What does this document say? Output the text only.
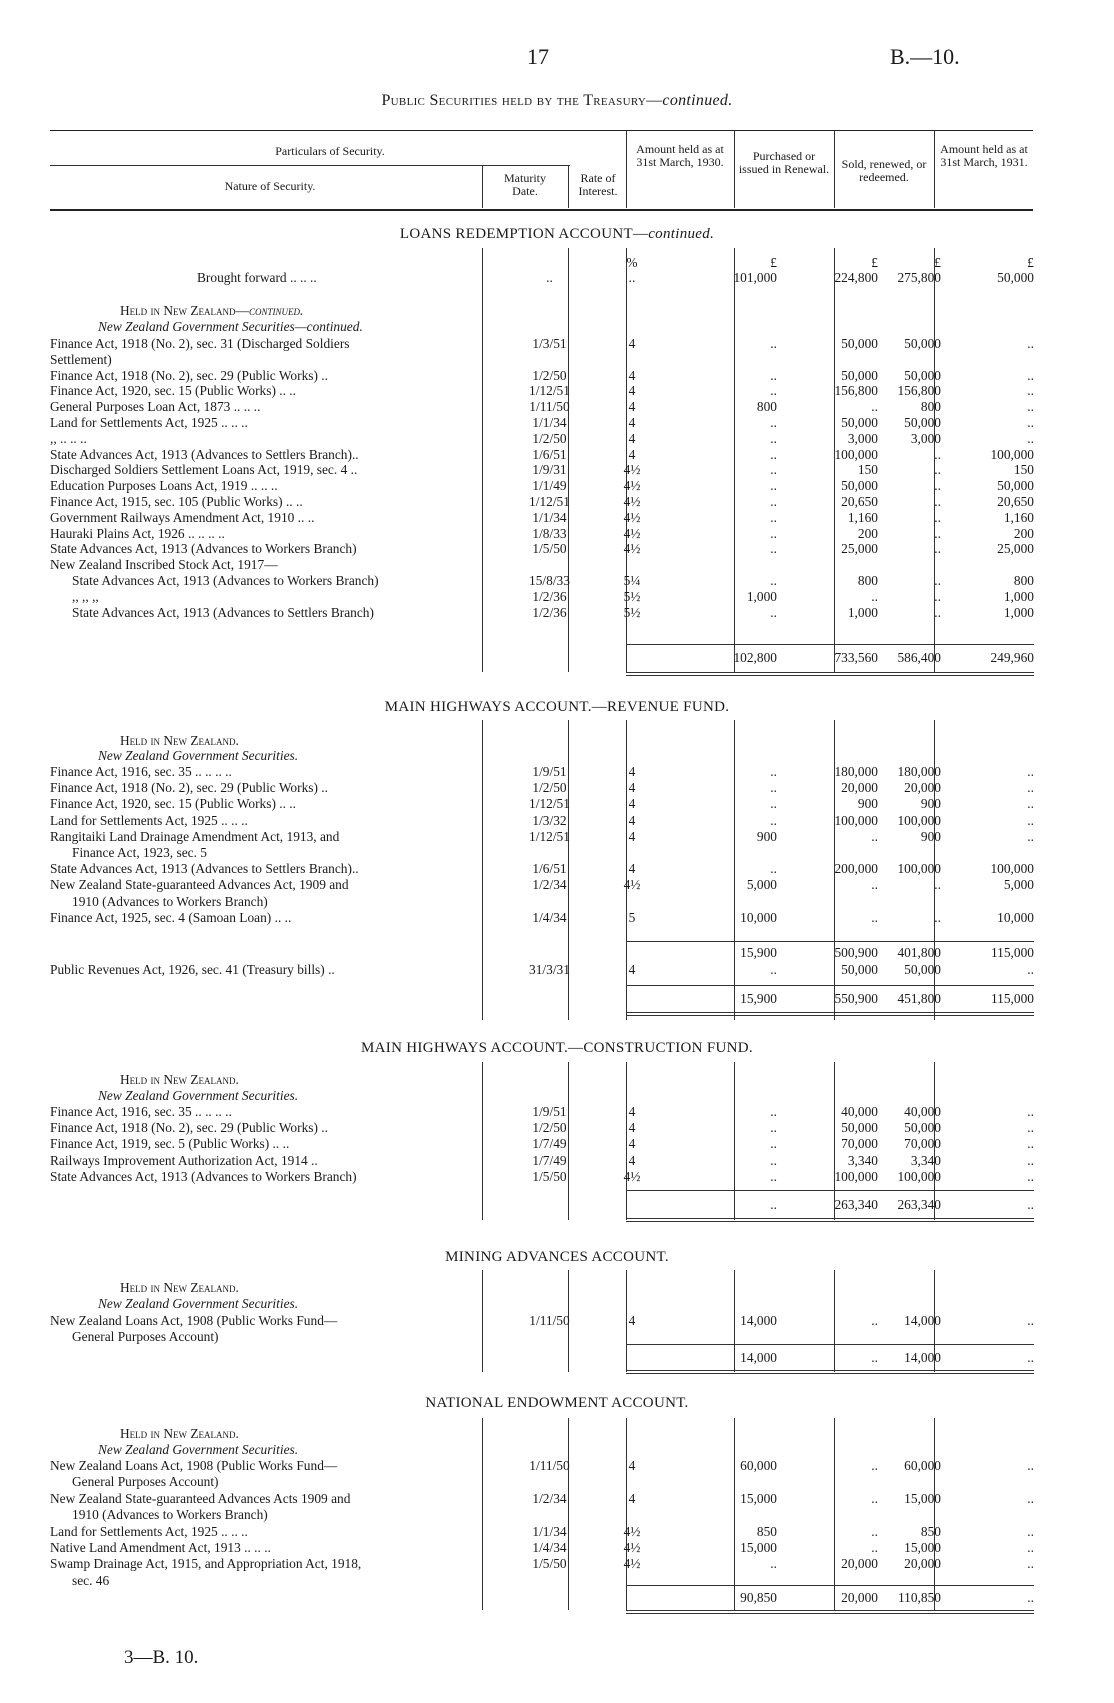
17	B.—10.
Public Securities held by the Treasury—continued.
Particulars of Security.
Nature of Security.
Maturity Date.
Rate of Interest.
Amount held as at 31st March, 1930.	Purchased or issued in Renewal.	Sold, renewed, or redeemed.
Amount held as at 31st March, 1931.
LOANS REDEMPTION ACCOUNT—continued.
%	£	£	£	£
Brought forward .. .. ..	..	..	101,000	224,800	275,800	50,000
Held in New Zealand—continued.
New Zealand Government Securities—continued.
Finance Act, 1918 (No. 2), sec. 31 (Discharged Soldiers	1/3/51	4	..	50,000	50,000	..
Settlement)
Finance Act, 1918 (No. 2), sec. 29 (Public Works) ..	1/2/50	4	..	50,000	50,000	..
Finance Act, 1920, sec. 15 (Public Works) .. ..	1/12/51	4	..	156,800	156,800	..
General Purposes Loan Act, 1873 .. .. ..	1/11/50	4	800	..	800	..
Land for Settlements Act, 1925 .. .. ..	1/1/34	4	..	50,000	50,000	..
,, .. .. ..	1/2/50	4	..	3,000	3,000	..
State Advances Act, 1913 (Advances to Settlers Branch)..	1/6/51	4	..	100,000	..	100,000
Discharged Soldiers Settlement Loans Act, 1919, sec. 4 ..	1/9/31	4½	..	150	..	150
Education Purposes Loans Act, 1919 .. .. ..	1/1/49	4½	..	50,000	..	50,000
Finance Act, 1915, sec. 105 (Public Works) .. ..	1/12/51	4½	..	20,650	..	20,650
Government Railways Amendment Act, 1910 .. ..	1/1/34	4½	..	1,160	..	1,160
Hauraki Plains Act, 1926 .. .. .. ..	1/8/33	4½	..	200	..	200
State Advances Act, 1913 (Advances to Workers Branch)	1/5/50	4½	..	25,000	..	25,000
New Zealand Inscribed Stock Act, 1917—
State Advances Act, 1913 (Advances to Workers Branch)	15/8/33	5¼	..	800	..	800
,, ,, ,,	1/2/36	5½	1,000	..	..	1,000
State Advances Act, 1913 (Advances to Settlers Branch)	1/2/36	5½	..	1,000	..	1,000
102,800	733,560	586,400	249,960
MAIN HIGHWAYS ACCOUNT.—REVENUE FUND.
Held in New Zealand.
New Zealand Government Securities.
Finance Act, 1916, sec. 35 .. .. .. ..	1/9/51	4	..	180,000	180,000	..
Finance Act, 1918 (No. 2), sec. 29 (Public Works) ..	1/2/50	4	..	20,000	20,000	..
Finance Act, 1920, sec. 15 (Public Works) .. ..	1/12/51	4	..	900	900	..
Land for Settlements Act, 1925 .. .. ..	1/3/32	4	..	100,000	100,000	..
Rangitaiki Land Drainage Amendment Act, 1913, and	1/12/51	4	900	..	900	..
Finance Act, 1923, sec. 5
State Advances Act, 1913 (Advances to Settlers Branch)..	1/6/51	4	..	200,000	100,000	100,000
New Zealand State-guaranteed Advances Act, 1909 and	1/2/34	4½	5,000	..	..	5,000
1910 (Advances to Workers Branch)
Finance Act, 1925, sec. 4 (Samoan Loan) .. ..	1/4/34	5	10,000	..	..	10,000
15,900	500,900	401,800	115,000
Public Revenues Act, 1926, sec. 41 (Treasury bills) ..	31/3/31	4	..	50,000	50,000	..
15,900	550,900	451,800	115,000
MAIN HIGHWAYS ACCOUNT.—CONSTRUCTION FUND.
Held in New Zealand.
New Zealand Government Securities.
Finance Act, 1916, sec. 35 .. .. .. ..	1/9/51	4	..	40,000	40,000	..
Finance Act, 1918 (No. 2), sec. 29 (Public Works) ..	1/2/50	4	..	50,000	50,000	..
Finance Act, 1919, sec. 5 (Public Works) .. ..	1/7/49	4	..	70,000	70,000	..
Railways Improvement Authorization Act, 1914 ..	1/7/49	4	..	3,340	3,340	..
State Advances Act, 1913 (Advances to Workers Branch)	1/5/50	4½	..	100,000	100,000	..
..	263,340	263,340	..
MINING ADVANCES ACCOUNT.
Held in New Zealand.
New Zealand Government Securities.
New Zealand Loans Act, 1908 (Public Works Fund—	1/11/50	4	14,000	..	14,000	..
General Purposes Account)
14,000	..	14,000	..
NATIONAL ENDOWMENT ACCOUNT.
Held in New Zealand.
New Zealand Government Securities.
New Zealand Loans Act, 1908 (Public Works Fund—	1/11/50	4	60,000	..	60,000	..
General Purposes Account)
New Zealand State-guaranteed Advances Acts 1909 and	1/2/34	4	15,000	..	15,000	..
1910 (Advances to Workers Branch)
Land for Settlements Act, 1925 .. .. ..	1/1/34	4½	850	..	850	..
Native Land Amendment Act, 1913 .. .. ..	1/4/34	4½	15,000	..	15,000	..
Swamp Drainage Act, 1915, and Appropriation Act, 1918,	1/5/50	4½	..	20,000	20,000	..
sec. 46
90,850	20,000	110,850	..
3—B. 10.
